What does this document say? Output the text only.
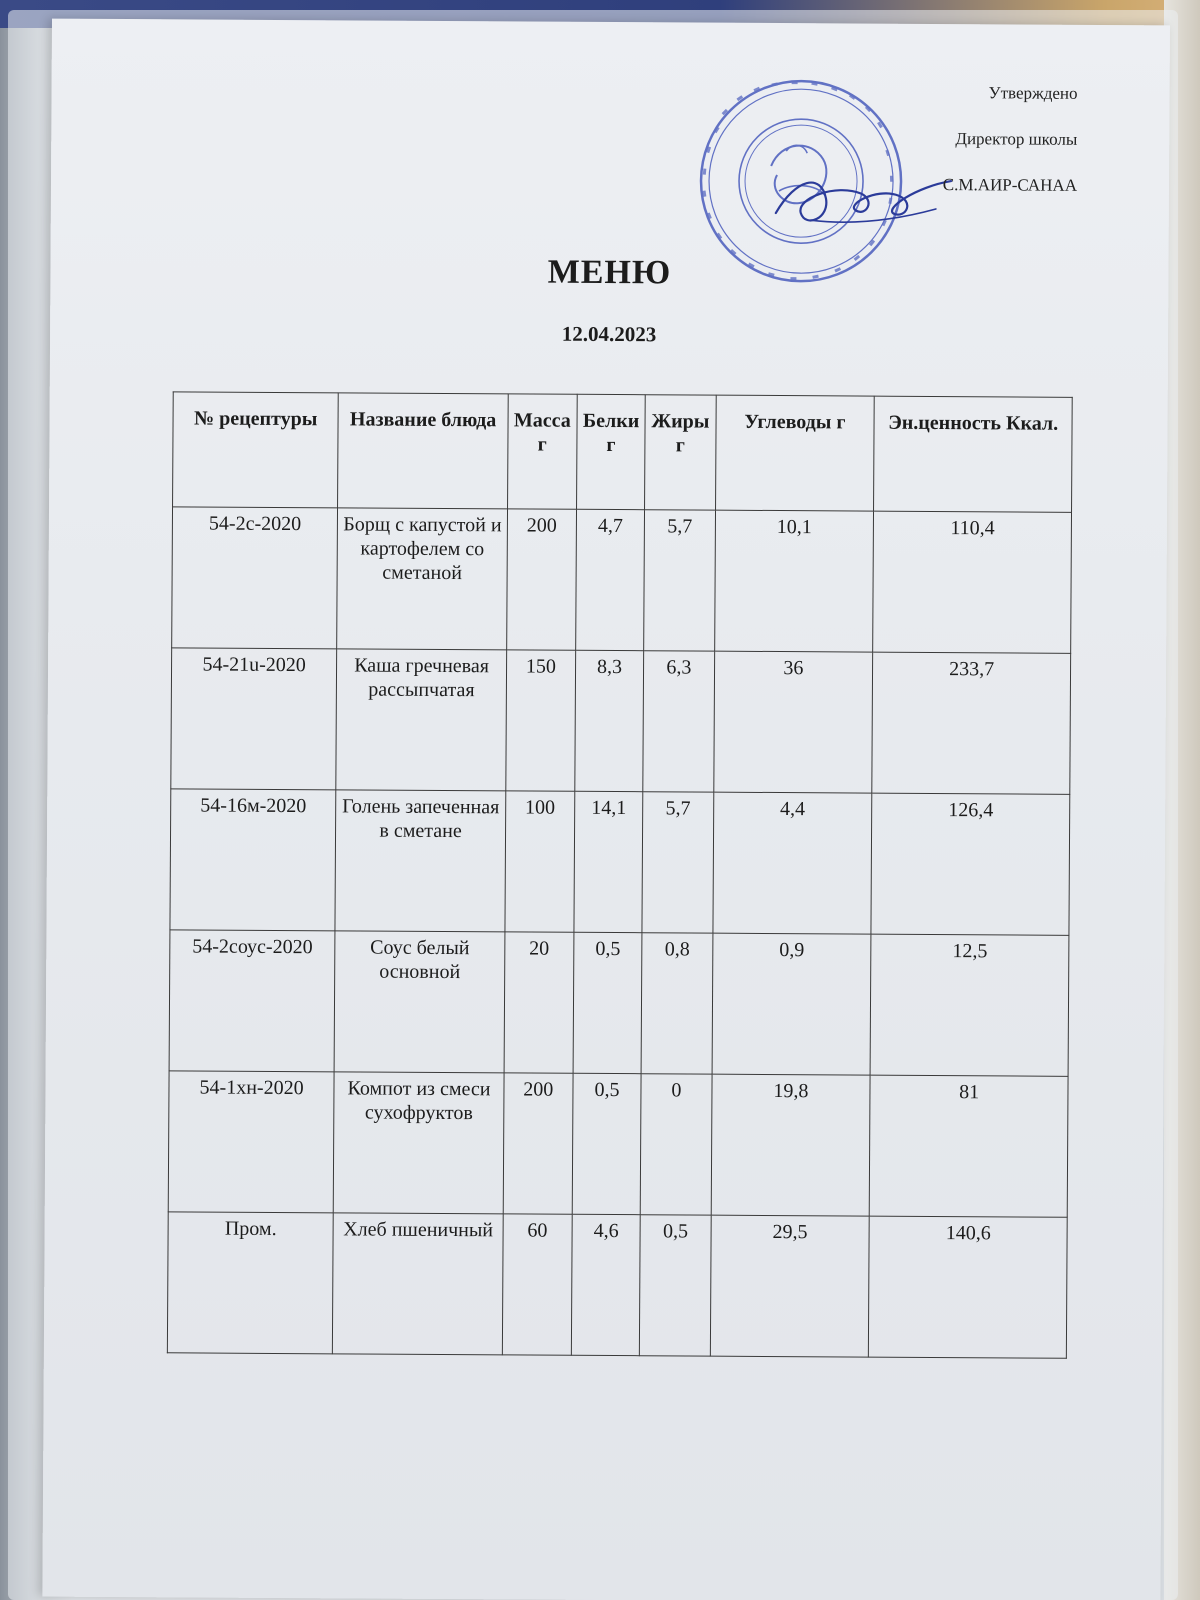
Утверждено
Директор школы
С.М.АИР-САНАА
МЕНЮ
12.04.2023
№ рецептуры	Название блюда	Масса г	Белки г	Жиры г	Углеводы г	Эн.ценность Ккал.
54-2с-2020	Борщ с капустой и картофелем со сметаной	200	4,7	5,7	10,1	110,4
54-21u-2020	Каша гречневая рассыпчатая	150	8,3	6,3	36	233,7
54-16м-2020	Голень запеченная в сметане	100	14,1	5,7	4,4	126,4
54-2соус-2020	Соус белый основной	20	0,5	0,8	0,9	12,5
54-1хн-2020	Компот из смеси сухофруктов	200	0,5	0	19,8	81
Пром.	Хлеб пшеничный	60	4,6	0,5	29,5	140,6
